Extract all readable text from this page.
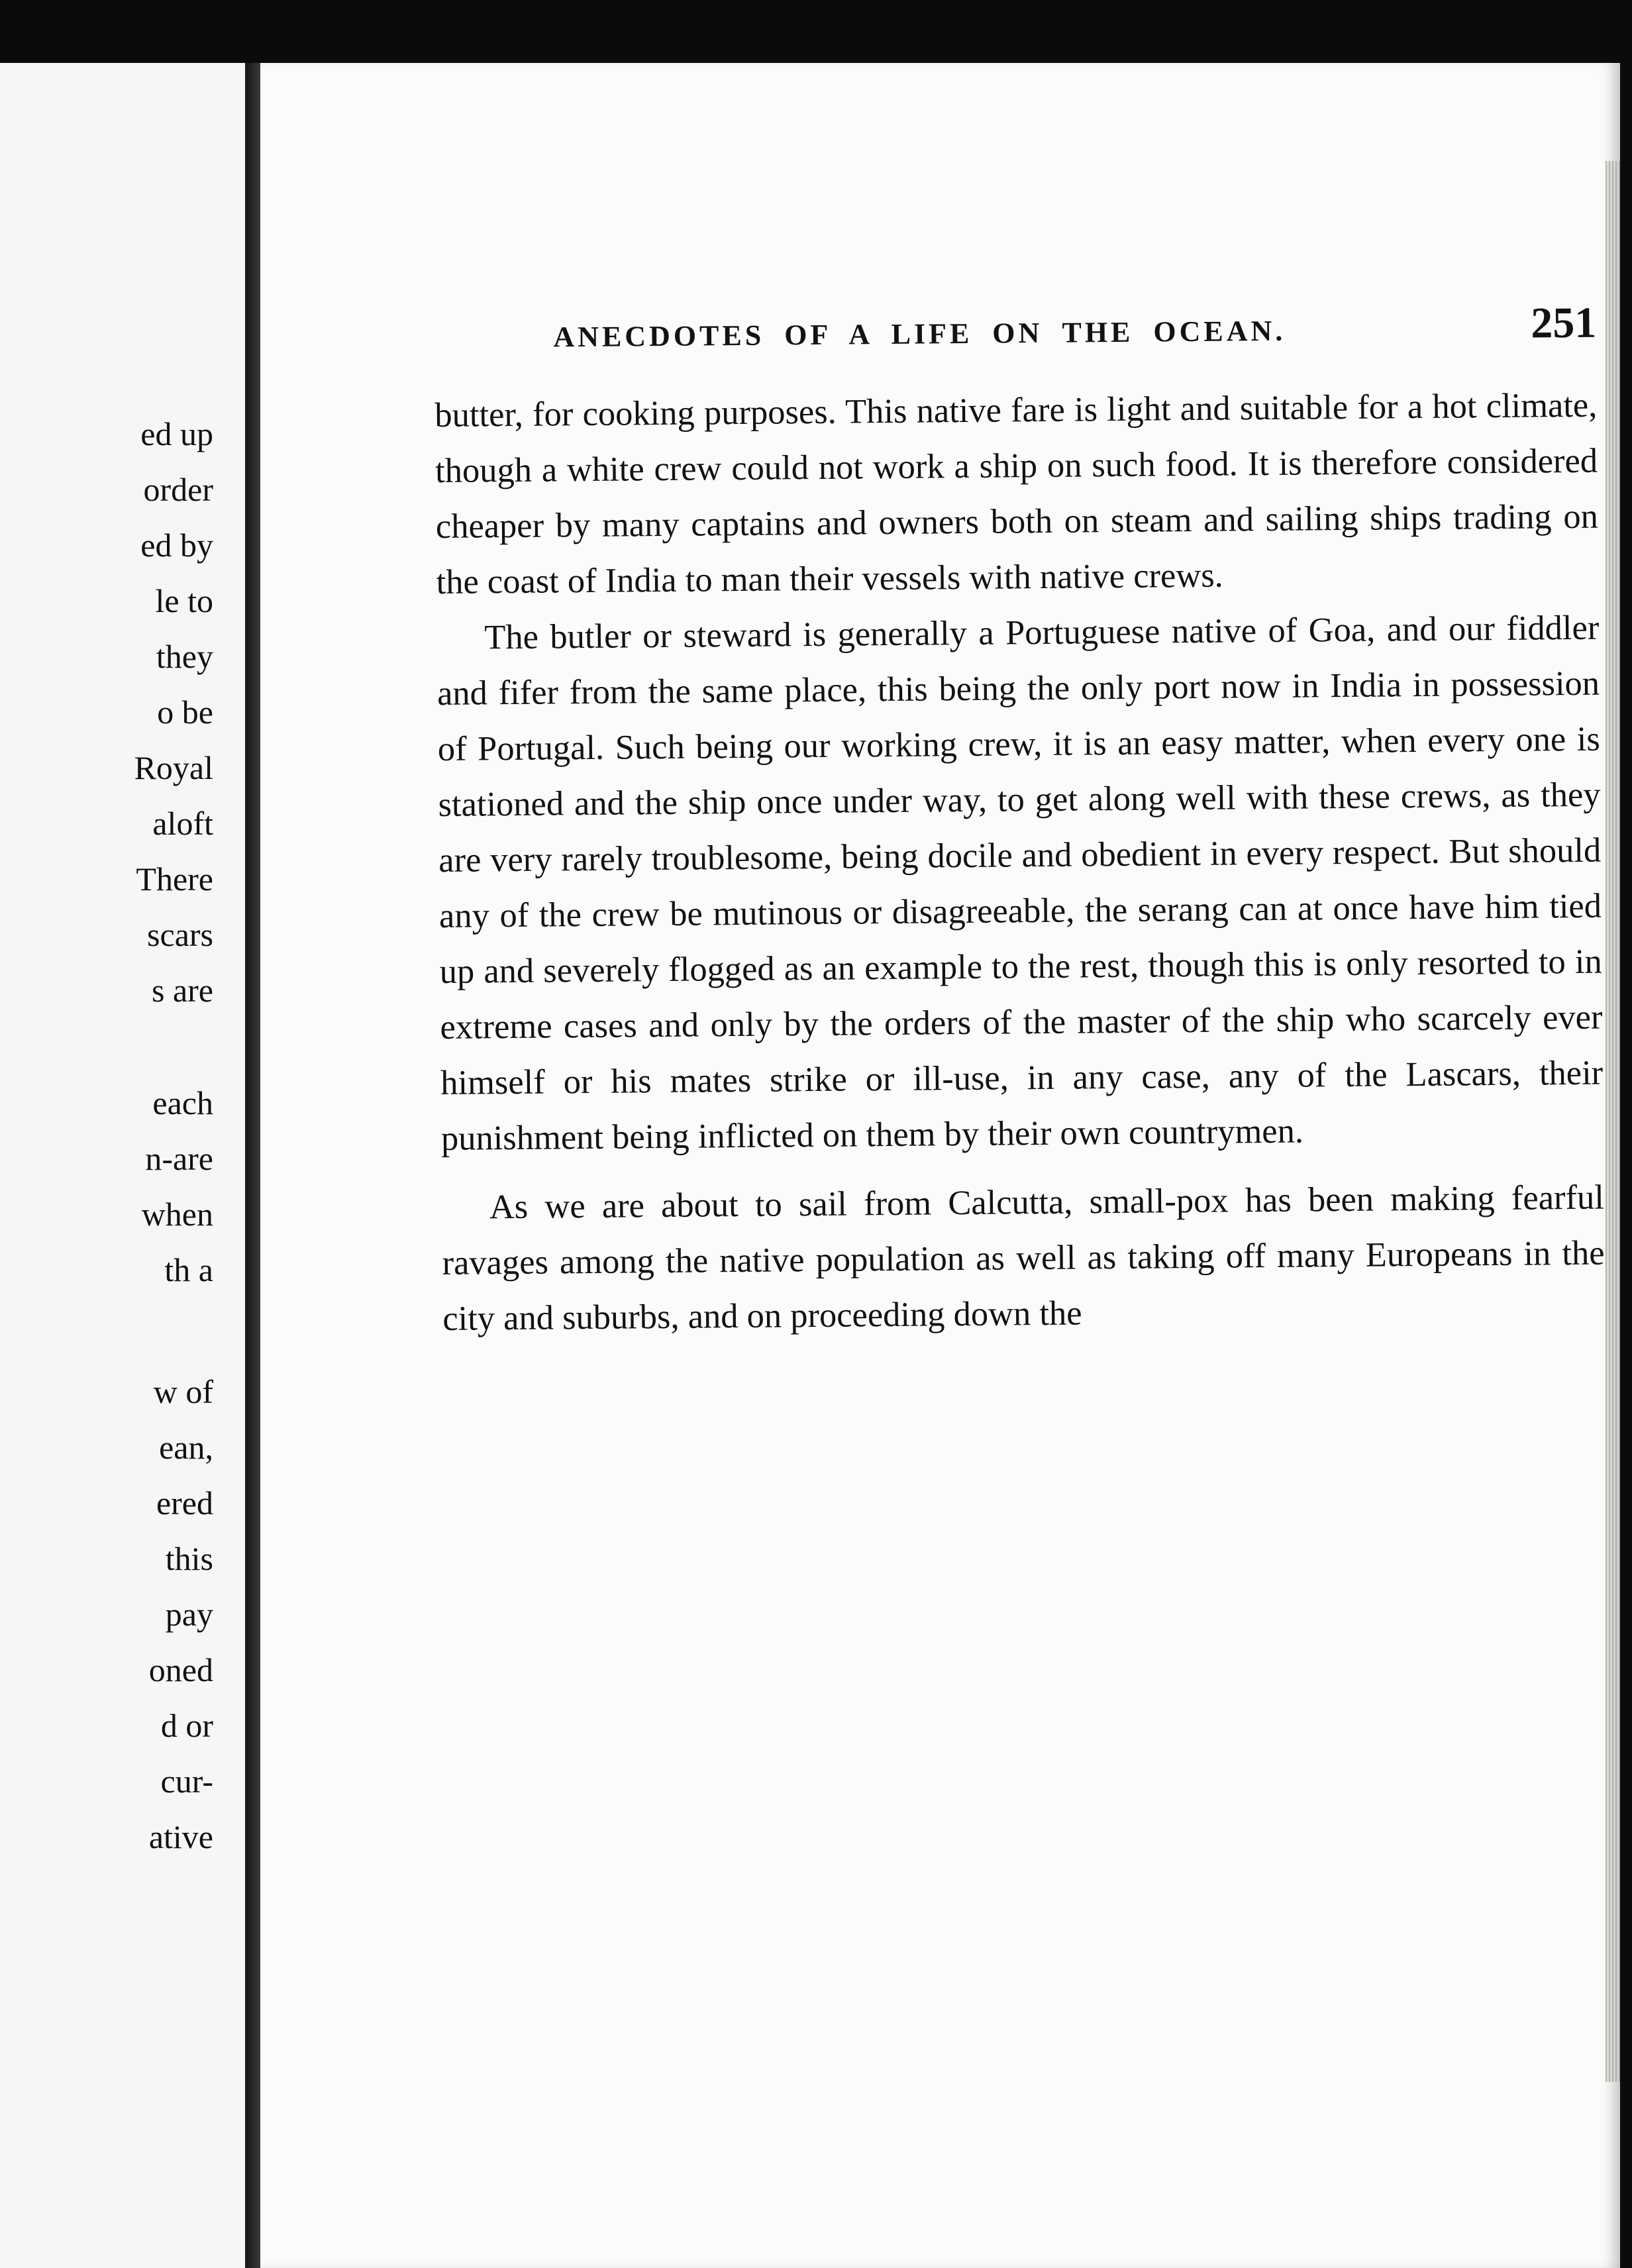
ed up
order
ed by
le to
they
o be
Royal
aloft
There
scars
s are
each
n-are
when
th a
w of
ean,
ered
this
pay
oned
d or
cur-
ative
ANECDOTES OF A LIFE ON THE OCEAN.	251

butter, for cooking purposes. This native fare is light and suitable for a hot climate, though a white crew could not work a ship on such food. It is therefore considered cheaper by many captains and owners both on steam and sailing ships trading on the coast of India to man their vessels with native crews.

The butler or steward is generally a Portuguese native of Goa, and our fiddler and fifer from the same place, this being the only port now in India in possession of Portugal. Such being our working crew, it is an easy matter, when every one is stationed and the ship once under way, to get along well with these crews, as they are very rarely troublesome, being docile and obedient in every respect. But should any of the crew be mutinous or disagreeable, the serang can at once have him tied up and severely flogged as an example to the rest, though this is only resorted to in extreme cases and only by the orders of the master of the ship who scarcely ever himself or his mates strike or ill-use, in any case, any of the Lascars, their punishment being inflicted on them by their own countrymen.

As we are about to sail from Calcutta, small-pox has been making fearful ravages among the native population as well as taking off many Europeans in the city and suburbs, and on proceeding down the
